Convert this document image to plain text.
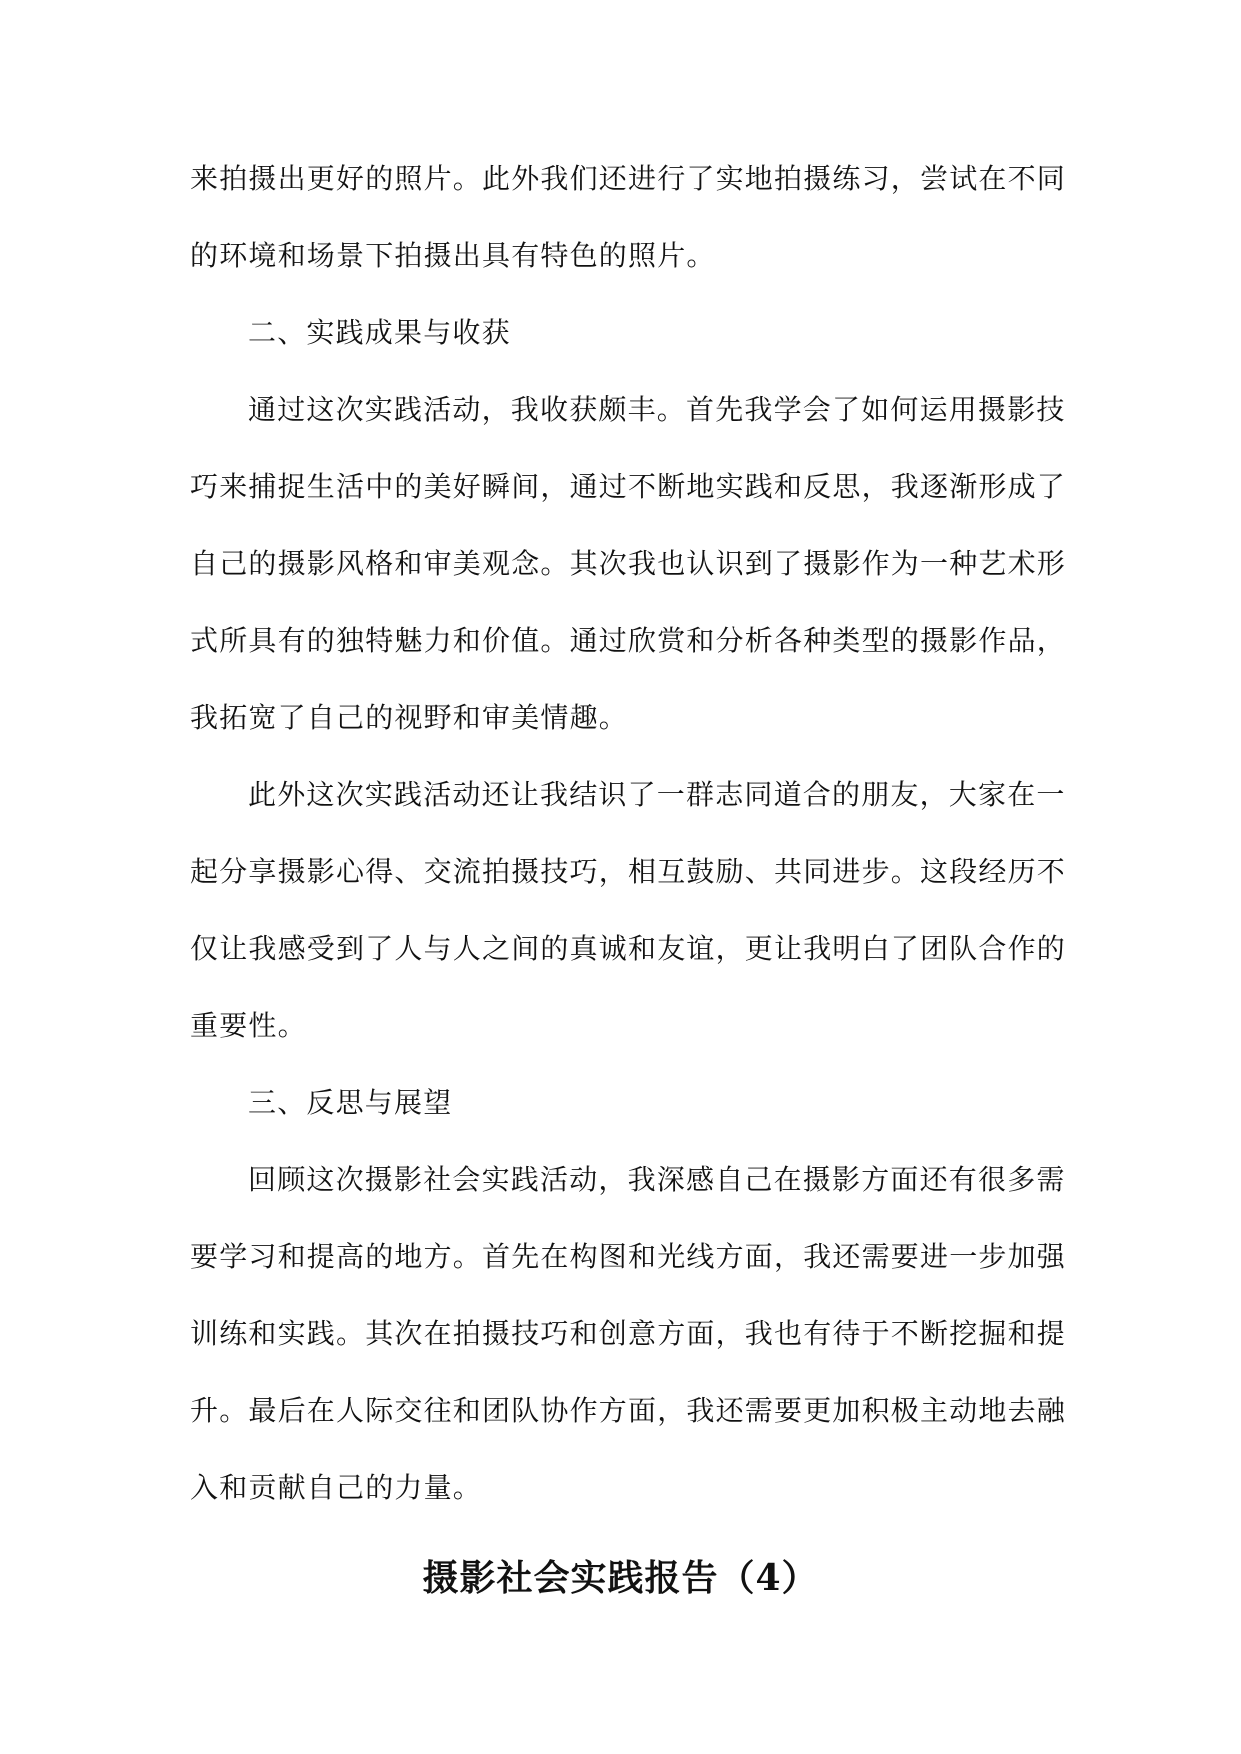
来拍摄出更好的照片。此外我们还进行了实地拍摄练习，尝试在不同
的环境和场景下拍摄出具有特色的照片。
二、实践成果与收获
通过这次实践活动，我收获颇丰。首先我学会了如何运用摄影技
巧来捕捉生活中的美好瞬间，通过不断地实践和反思，我逐渐形成了
自己的摄影风格和审美观念。其次我也认识到了摄影作为一种艺术形
式所具有的独特魅力和价值。通过欣赏和分析各种类型的摄影作品，
我拓宽了自己的视野和审美情趣。
此外这次实践活动还让我结识了一群志同道合的朋友，大家在一
起分享摄影心得、交流拍摄技巧，相互鼓励、共同进步。这段经历不
仅让我感受到了人与人之间的真诚和友谊，更让我明白了团队合作的
重要性。
三、反思与展望
回顾这次摄影社会实践活动，我深感自己在摄影方面还有很多需
要学习和提高的地方。首先在构图和光线方面，我还需要进一步加强
训练和实践。其次在拍摄技巧和创意方面，我也有待于不断挖掘和提
升。最后在人际交往和团队协作方面，我还需要更加积极主动地去融
入和贡献自己的力量。
摄影社会实践报告（4）
